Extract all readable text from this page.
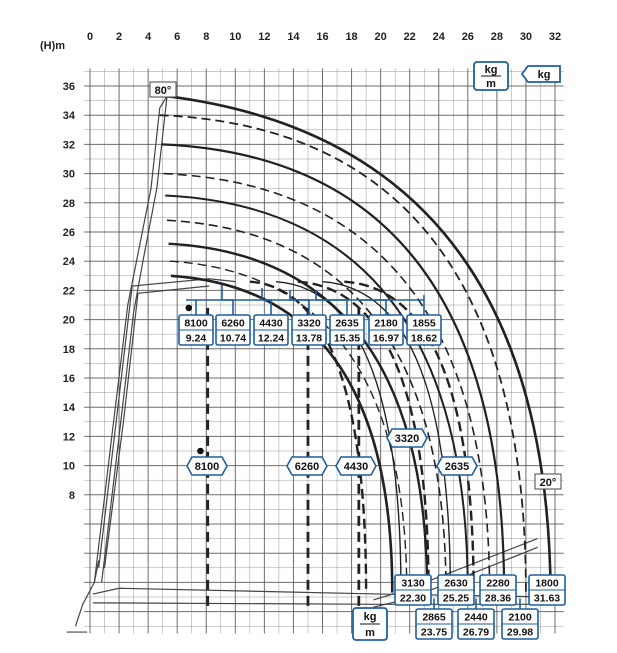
0 2 4 6 8 10 12 14 16 18 20 22 24 26 28 30 32
36
34
32
30
28
26
24
22
20
18
16
14
12
10
8
(H)m
8100
9.24
6260
10.74
4430
12.24
3320
13.78
2635
15.35
2180
16.97
1855
18.62
8100	6260 4430
3320
2635
3130
22.30
2865
23.75
2630
25.25
2440
26.79
2280
28.36
2100
29.98
1800
31.63
80°
20°
kg
m
kg
kg
m
